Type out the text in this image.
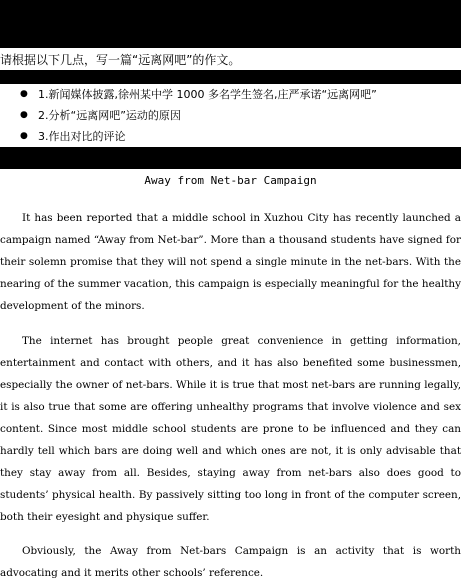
请根据以下几点，写一篇“远离网吧”的作文。
● 1.新闻媒体披露,徐州某中学 1000 多名学生签名,庄严承诺“远离网吧”
● 2.分析“远离网吧”运动的原因
● 3.作出对比的评论
Away from Net-bar Campaign

It has been reported that a middle school in Xuzhou City has recently launched a campaign named “Away from Net-bar”. More than a thousand students have signed for their solemn promise that they will not spend a single minute in the net-bars. With the nearing of the summer vacation, this campaign is especially meaningful for the healthy development of the minors.

The internet has brought people great convenience in getting information, entertainment and contact with others, and it has also benefited some businessmen, especially the owner of net-bars. While it is true that most net-bars are running legally, it is also true that some are offering unhealthy programs that involve violence and sex content. Since most middle school students are prone to be influenced and they can hardly tell which bars are doing well and which ones are not, it is only advisable that they stay away from all. Besides, staying away from net-bars also does good to students’ physical health. By passively sitting too long in front of the computer screen, both their eyesight and physique suffer.

Obviously, the Away from Net-bars Campaign is an activity that is worth advocating and it merits other schools’ reference.
